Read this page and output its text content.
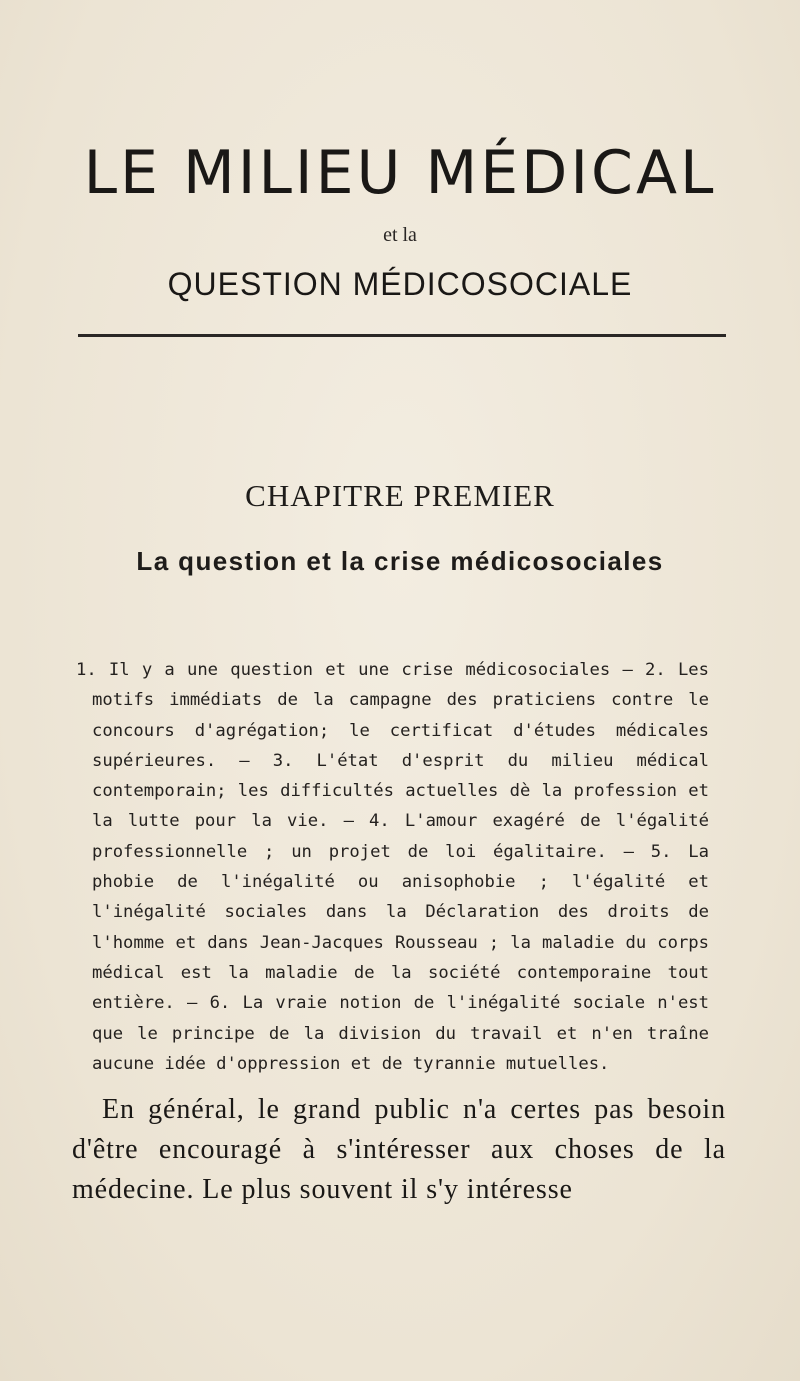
LE MILIEU MÉDICAL
et la
QUESTION MÉDICOSOCIALE
CHAPITRE PREMIER
La question et la crise médicosociales
1. Il y a une question et une crise médicosociales — 2. Les motifs immédiats de la campagne des praticiens contre le concours d'agrégation; le certificat d'études médicales supérieures. — 3. L'état d'esprit du milieu médical contemporain; les difficultés actuelles dè la profession et la lutte pour la vie. — 4. L'amour exagéré de l'égalité professionnelle ; un projet de loi égalitaire. — 5. La phobie de l'inégalité ou anisophobie ; l'égalité et l'inégalité sociales dans la Déclaration des droits de l'homme et dans Jean-Jacques Rousseau ; la maladie du corps médical est la maladie de la société contemporaine tout entière. — 6. La vraie notion de l'inégalité sociale n'est que le principe de la division du travail et n'en traîne aucune idée d'oppression et de tyrannie mutuelles.
En général, le grand public n'a certes pas besoin d'être encouragé à s'intéresser aux choses de la médecine. Le plus souvent il s'y intéresse
